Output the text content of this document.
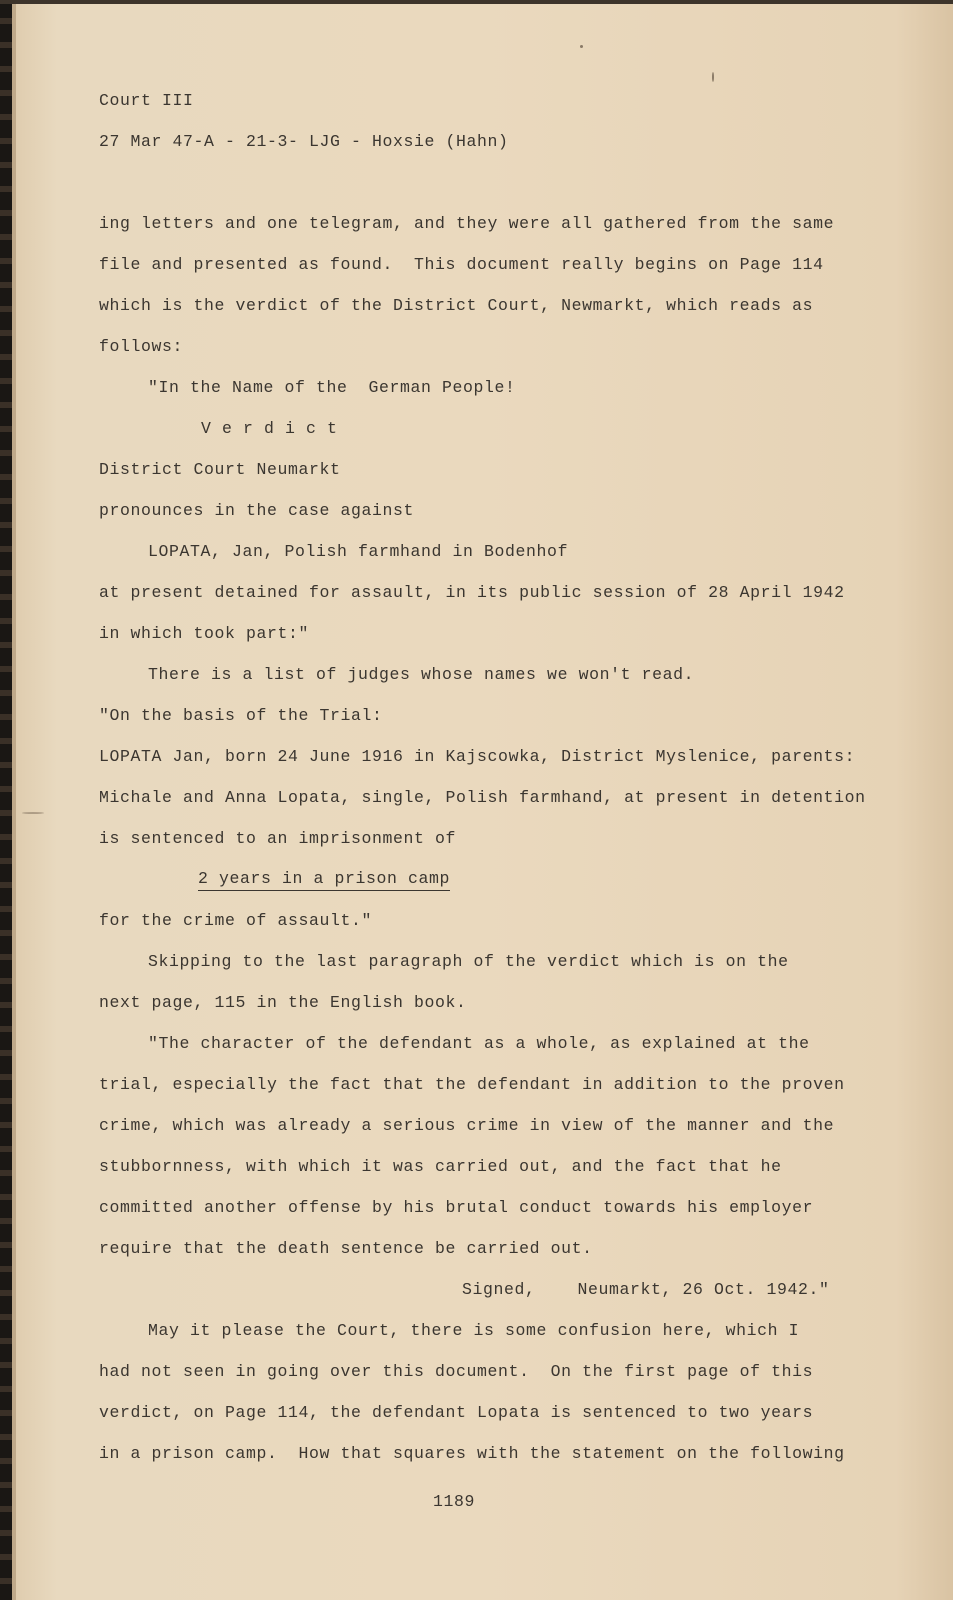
Court III

27 Mar 47-A - 21-3- LJG - Hoxsie (Hahn)

ing letters and one telegram, and they were all gathered from the same

file and presented as found.  This document really begins on Page 114

which is the verdict of the District Court, Newmarkt, which reads as

follows:

"In the Name of the  German People!

V e r d i c t

District Court Neumarkt

pronounces in the case against

LOPATA, Jan, Polish farmhand in Bodenhof

at present detained for assault, in its public session of 28 April 1942

in which took part:"

There is a list of judges whose names we won't read.

"On the basis of the Trial:

LOPATA Jan, born 24 June 1916 in Kajscowka, District Myslenice, parents:

Michale and Anna Lopata, single, Polish farmhand, at present in detention

is sentenced to an imprisonment of

2 years in a prison camp

for the crime of assault."

Skipping to the last paragraph of the verdict which is on the

next page, 115 in the English book.

"The character of the defendant as a whole, as explained at the

trial, especially the fact that the defendant in addition to the proven

crime, which was already a serious crime in view of the manner and the

stubbornness, with which it was carried out, and the fact that he

committed another offense by his brutal conduct towards his employer

require that the death sentence be carried out.

Signed,    Neumarkt, 26 Oct. 1942."

May it please the Court, there is some confusion here, which I

had not seen in going over this document.  On the first page of this

verdict, on Page 114, the defendant Lopata is sentenced to two years

in a prison camp.  How that squares with the statement on the following

1189
